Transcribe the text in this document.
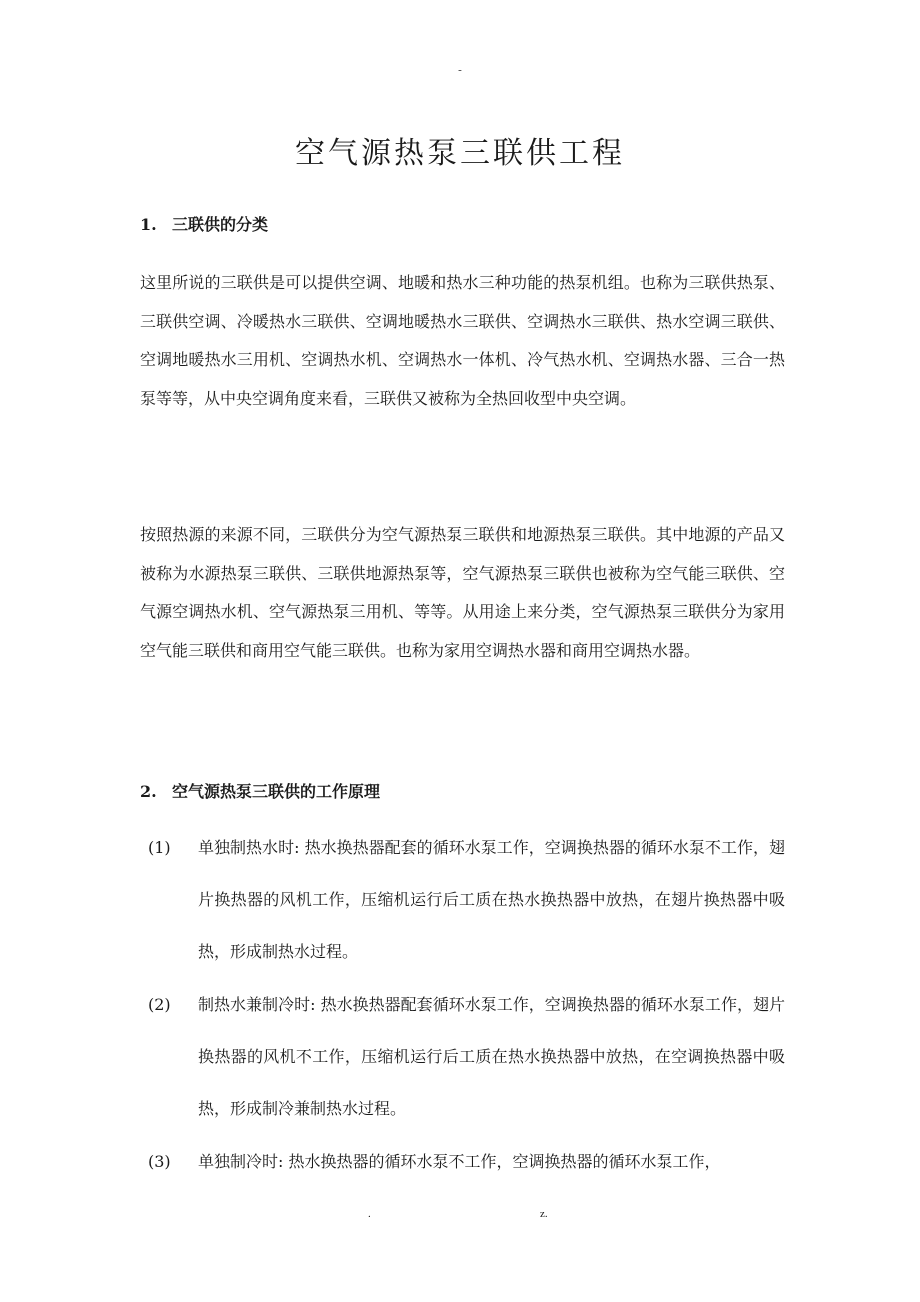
-
空气源热泵三联供工程
1. 三联供的分类

这里所说的三联供是可以提供空调、地暖和热水三种功能的热泵机组。也称为三联供热泵、三联供空调、冷暖热水三联供、空调地暖热水三联供、空调热水三联供、热水空调三联供、空调地暖热水三用机、空调热水机、空调热水一体机、冷气热水机、空调热水器、三合一热泵等等，从中央空调角度来看，三联供又被称为全热回收型中央空调。

按照热源的来源不同，三联供分为空气源热泵三联供和地源热泵三联供。其中地源的产品又被称为水源热泵三联供、三联供地源热泵等，空气源热泵三联供也被称为空气能三联供、空气源空调热水机、空气源热泵三用机、等等。从用途上来分类，空气源热泵三联供分为家用空气能三联供和商用空气能三联供。也称为家用空调热水器和商用空调热水器。

2. 空气源热泵三联供的工作原理
(1) 单独制热水时: 热水换热器配套的循环水泵工作，空调换热器的循环水泵不工作，翅片换热器的风机工作，压缩机运行后工质在热水换热器中放热，在翅片换热器中吸热，形成制热水过程。
(2) 制热水兼制冷时: 热水换热器配套循环水泵工作，空调换热器的循环水泵工作，翅片换热器的风机不工作，压缩机运行后工质在热水换热器中放热，在空调换热器中吸热，形成制冷兼制热水过程。
(3) 单独制冷时: 热水换热器的循环水泵不工作，空调换热器的循环水泵工作，
.	z.
